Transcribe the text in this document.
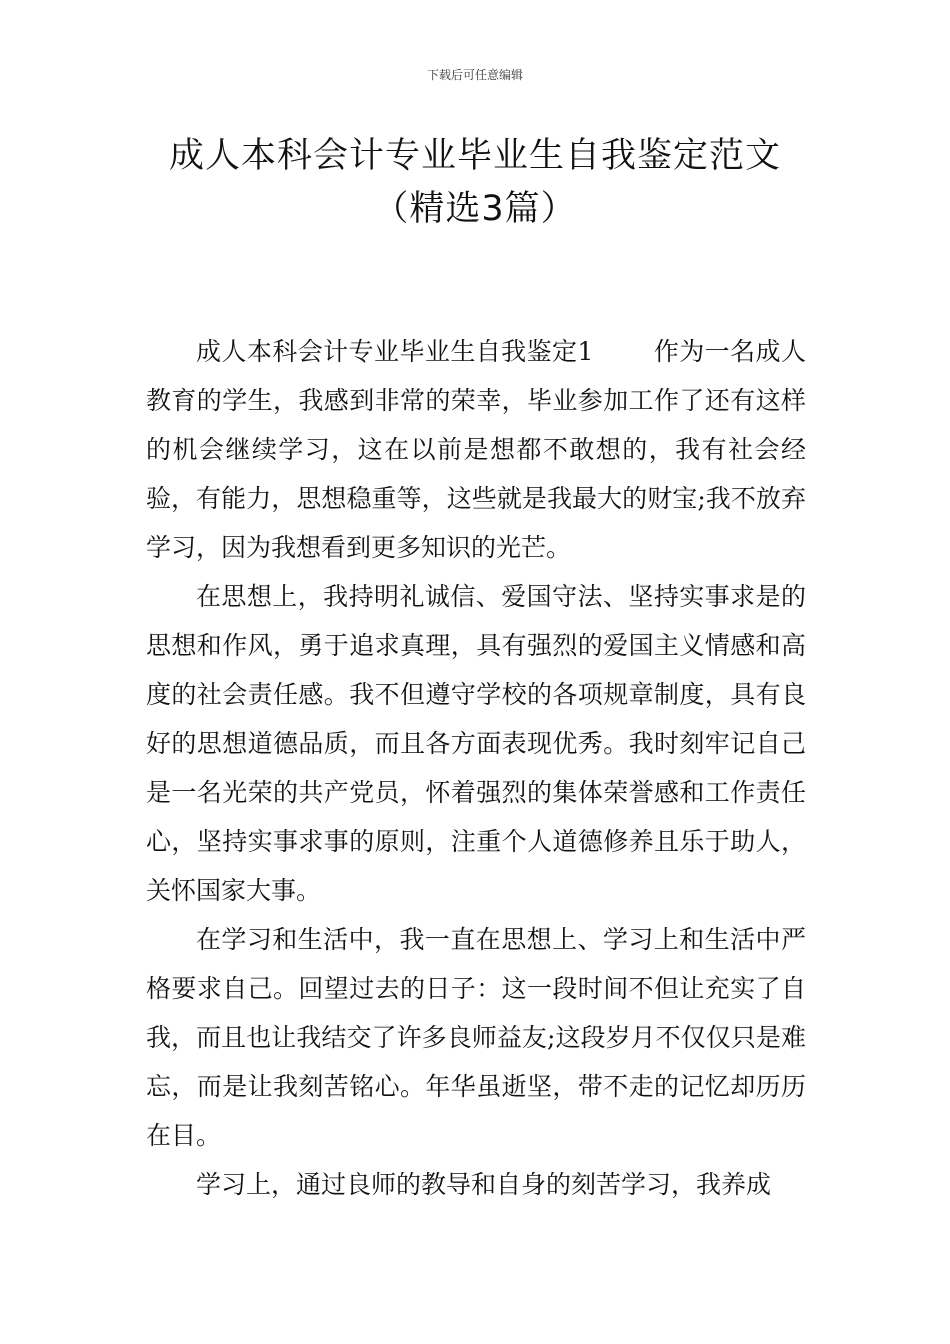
下载后可任意编辑
成人本科会计专业毕业生自我鉴定范文
（精选3篇）

成人本科会计专业毕业生自我鉴定1 作为一名成人教育的学生，我感到非常的荣幸，毕业参加工作了还有这样的机会继续学习，这在以前是想都不敢想的，我有社会经验，有能力，思想稳重等，这些就是我最大的财宝;我不放弃学习，因为我想看到更多知识的光芒。

在思想上，我持明礼诚信、爱国守法、坚持实事求是的思想和作风，勇于追求真理，具有强烈的爱国主义情感和高度的社会责任感。我不但遵守学校的各项规章制度，具有良好的思想道德品质，而且各方面表现优秀。我时刻牢记自己是一名光荣的共产党员，怀着强烈的集体荣誉感和工作责任心，坚持实事求事的原则，注重个人道德修养且乐于助人，关怀国家大事。

在学习和生活中，我一直在思想上、学习上和生活中严格要求自己。回望过去的日子：这一段时间不但让充实了自我，而且也让我结交了许多良师益友;这段岁月不仅仅只是难忘，而是让我刻苦铭心。年华虽逝坚，带不走的记忆却历历在目。

学习上，通过良师的教导和自身的刻苦学习，我养成
